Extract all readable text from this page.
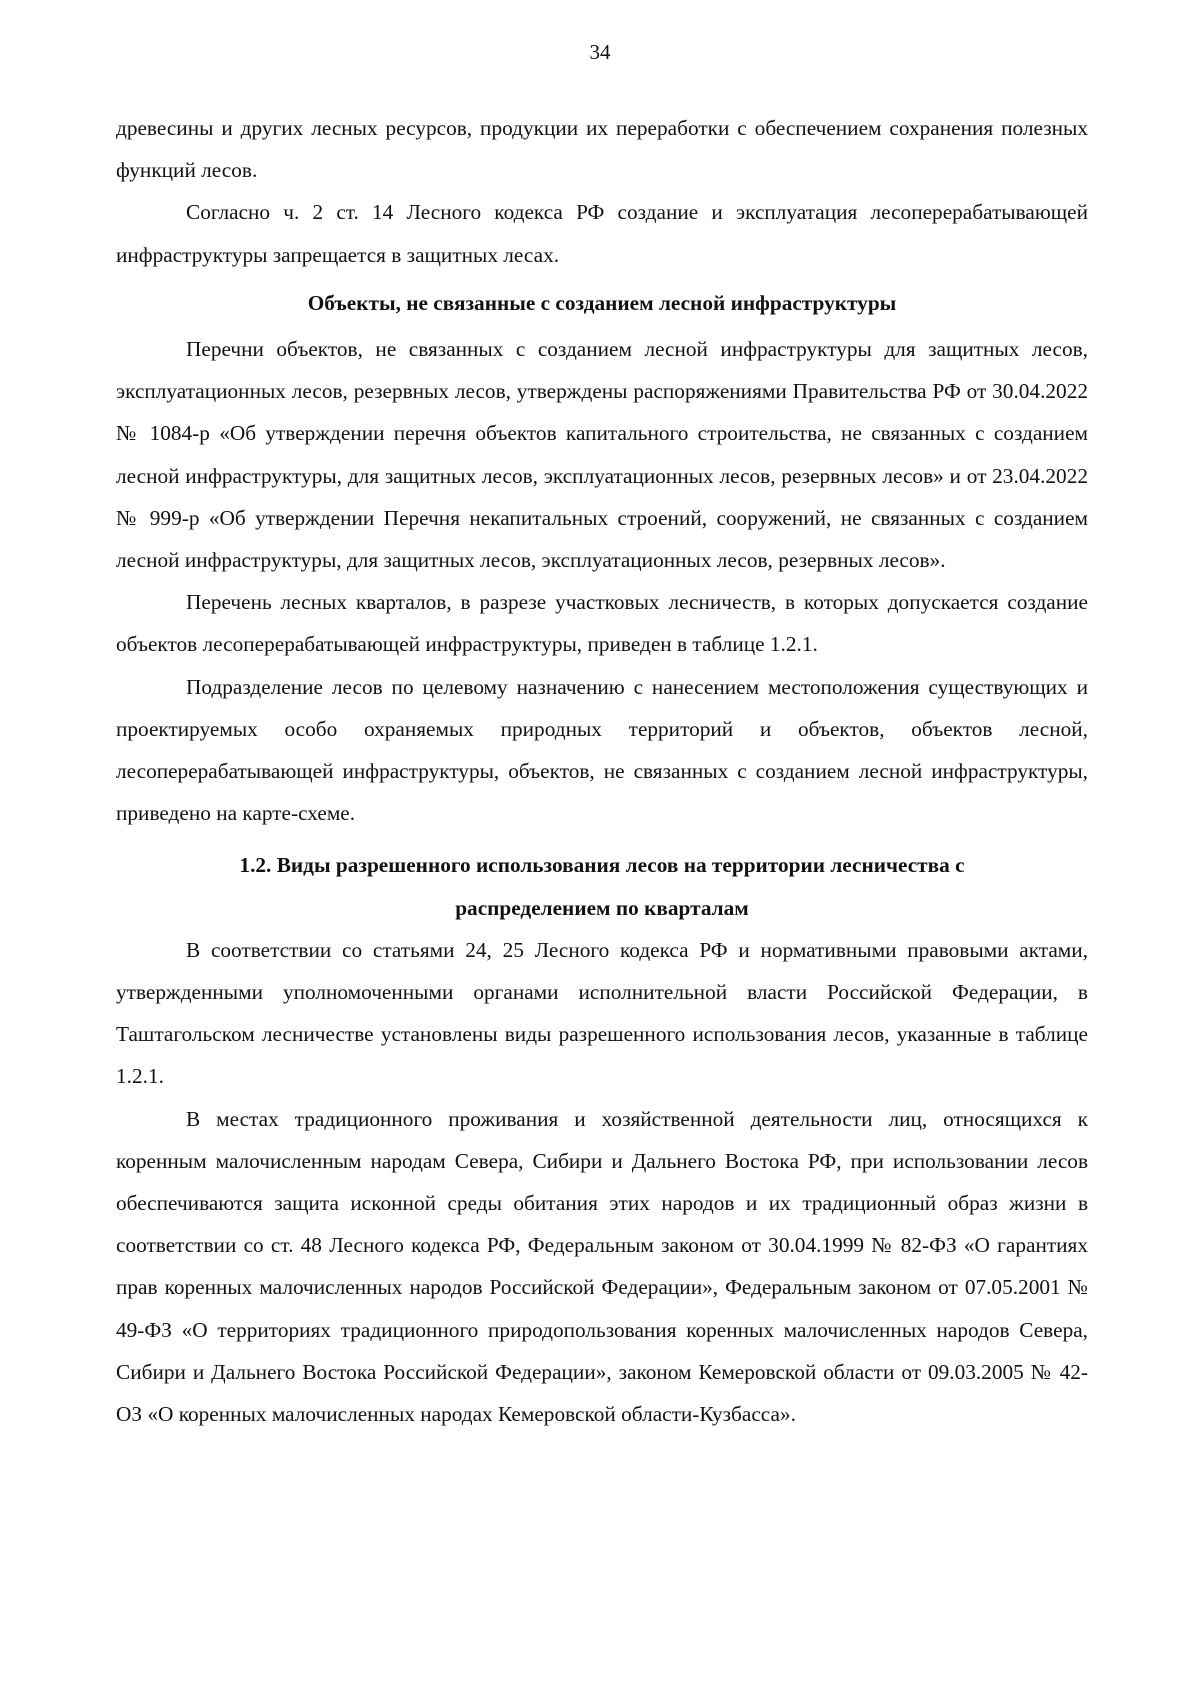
34

древесины и других лесных ресурсов, продукции их переработки с обеспечением сохранения полезных функций лесов.

Согласно ч. 2 ст. 14 Лесного кодекса РФ создание и эксплуатация лесоперерабатывающей инфраструктуры запрещается в защитных лесах.

Объекты, не связанные с созданием лесной инфраструктуры

Перечни объектов, не связанных с созданием лесной инфраструктуры для защитных лесов, эксплуатационных лесов, резервных лесов, утверждены распоряжениями Правительства РФ от 30.04.2022 № 1084-р «Об утверждении перечня объектов капитального строительства, не связанных с созданием лесной инфраструктуры, для защитных лесов, эксплуатационных лесов, резервных лесов» и от 23.04.2022 № 999-р «Об утверждении Перечня некапитальных строений, сооружений, не связанных с созданием лесной инфраструктуры, для защитных лесов, эксплуатационных лесов, резервных лесов».

Перечень лесных кварталов, в разрезе участковых лесничеств, в которых допускается создание объектов лесоперерабатывающей инфраструктуры, приведен в таблице 1.2.1.

Подразделение лесов по целевому назначению с нанесением местоположения существующих и проектируемых особо охраняемых природных территорий и объектов, объектов лесной, лесоперерабатывающей инфраструктуры, объектов, не связанных с созданием лесной инфраструктуры, приведено на карте-схеме.

1.2. Виды разрешенного использования лесов на территории лесничества с
распределением по кварталам

В соответствии со статьями 24, 25 Лесного кодекса РФ и нормативными правовыми актами, утвержденными уполномоченными органами исполнительной власти Российской Федерации, в Таштагольском лесничестве установлены виды разрешенного использования лесов, указанные в таблице 1.2.1.

В местах традиционного проживания и хозяйственной деятельности лиц, относящихся к коренным малочисленным народам Севера, Сибири и Дальнего Востока РФ, при использовании лесов обеспечиваются защита исконной среды обитания этих народов и их традиционный образ жизни в соответствии со ст. 48 Лесного кодекса РФ, Федеральным законом от 30.04.1999 № 82-ФЗ «О гарантиях прав коренных малочисленных народов Российской Федерации», Федеральным законом от 07.05.2001 № 49-ФЗ «О территориях традиционного природопользования коренных малочисленных народов Севера, Сибири и Дальнего Востока Российской Федерации», законом Кемеровской области от 09.03.2005 № 42-ОЗ «О коренных малочисленных народах Кемеровской области-Кузбасса».
